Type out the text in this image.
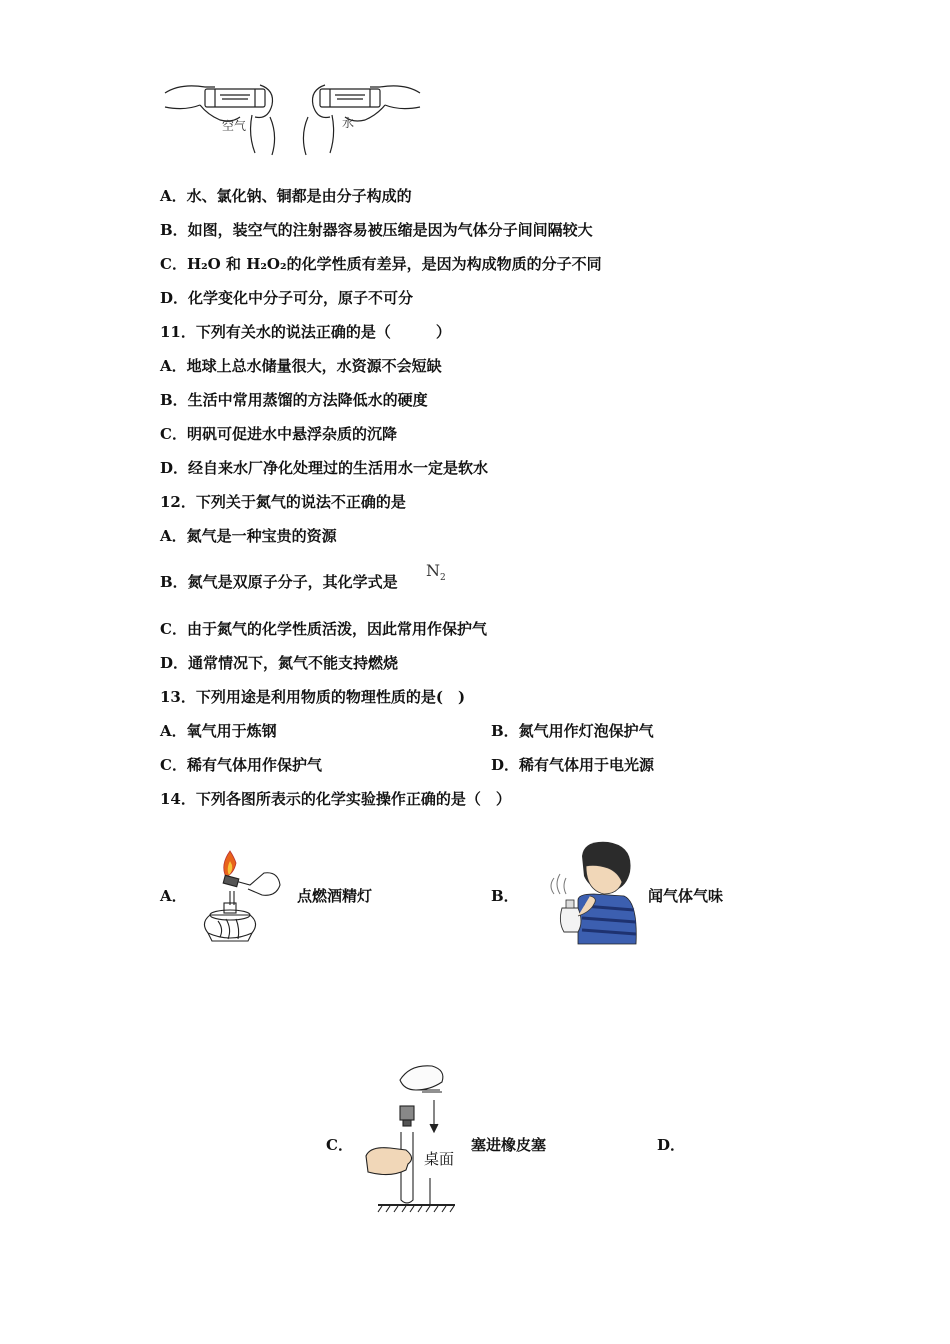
空气	水
A．水、氯化钠、铜都是由分子构成的
B．如图，装空气的注射器容易被压缩是因为气体分子间间隔较大
C．H₂O 和 H₂O₂的化学性质有差异，是因为构成物质的分子不同
D．化学变化中分子可分，原子不可分
11．下列有关水的说法正确的是（　　　）
A．地球上总水储量很大，水资源不会短缺
B．生活中常用蒸馏的方法降低水的硬度
C．明矾可促进水中悬浮杂质的沉降
D．经自来水厂净化处理过的生活用水一定是软水
12．下列关于氮气的说法不正确的是
A．氮气是一种宝贵的资源
B．氮气是双原子分子，其化学式是
$N_2$
C．由于氮气的化学性质活泼，因此常用作保护气
D．通常情况下，氮气不能支持燃烧
13．下列用途是利用物质的物理性质的是(　)
A．氧气用于炼钢	B．氮气用作灯泡保护气
C．稀有气体用作保护气	D．稀有气体用于电光源
14．下列各图所表示的化学实验操作正确的是（　）
A．	点燃酒精灯	B．	闻气体气味
C．
桌面
塞进橡皮塞	D．
